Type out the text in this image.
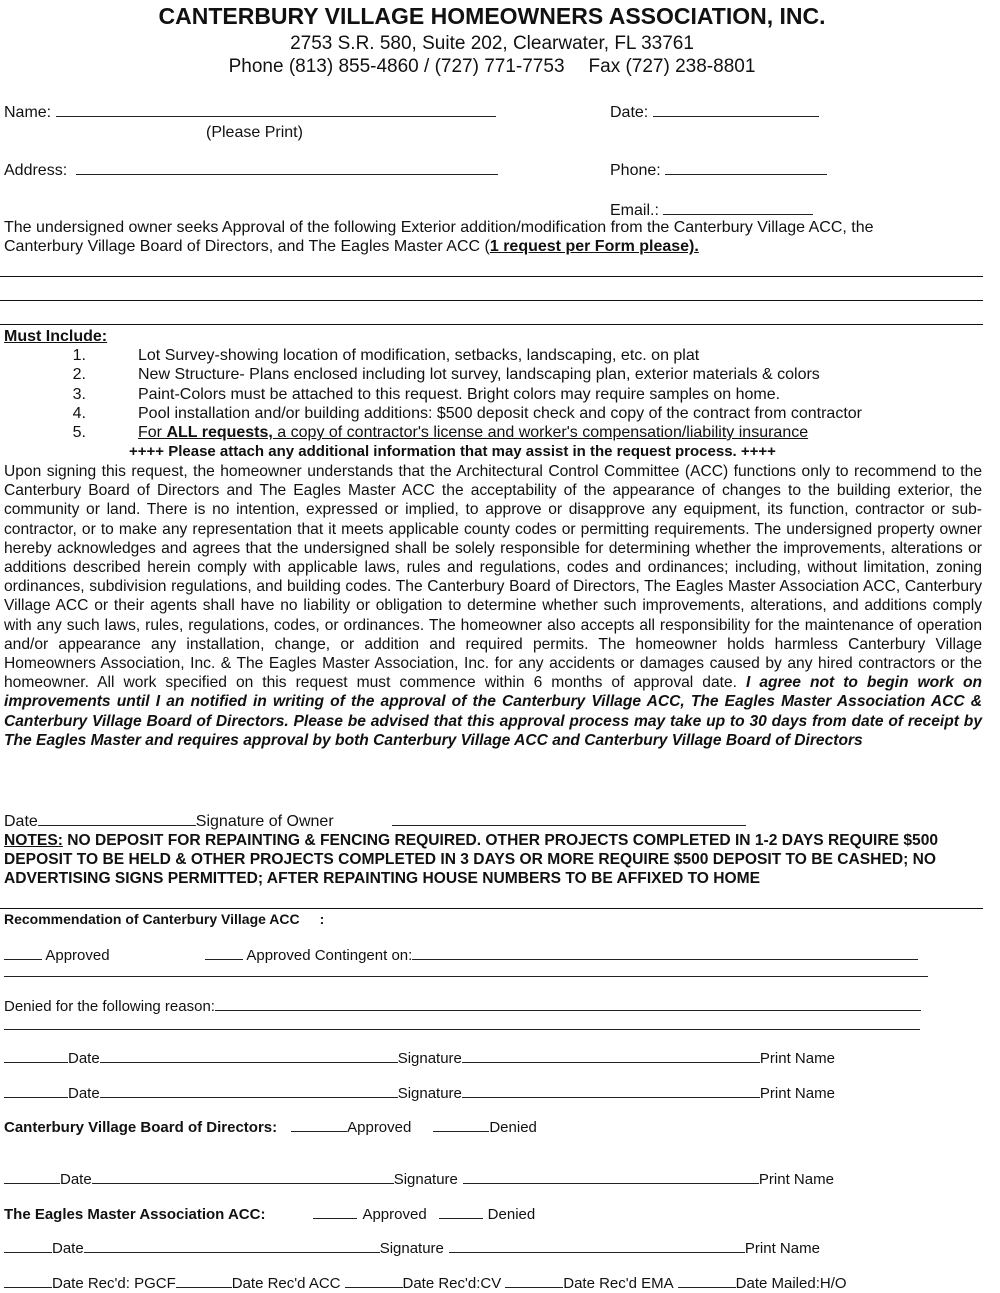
CANTERBURY VILLAGE HOMEOWNERS ASSOCIATION, INC.
2753 S.R. 580, Suite 202, Clearwater, FL 33761
Phone (813) 855-4860 / (727) 771-7753 Fax (727) 238-8801
Name:
(Please Print)
Date:
Address:	Phone:
Email.:
The undersigned owner seeks Approval of the following Exterior addition/modification from the Canterbury Village ACC, the
Canterbury Village Board of Directors, and The Eagles Master ACC (1 request per Form please).
Must Include:
1.	Lot Survey-showing location of modification, setbacks, landscaping, etc. on plat
2.	New Structure- Plans enclosed including lot survey, landscaping plan, exterior materials & colors
3.	Paint-Colors must be attached to this request. Bright colors may require samples on home.
4.	Pool installation and/or building additions: $500 deposit check and copy of the contract from contractor
5.	For ALL requests, a copy of contractor's license and worker's compensation/liability insurance
++++ Please attach any additional information that may assist in the request process. ++++
Upon signing this request, the homeowner understands that the Architectural Control Committee (ACC) functions only to recommend to the Canterbury Board of Directors and The Eagles Master ACC the acceptability of the appearance of changes to the building exterior, the community or land. There is no intention, expressed or implied, to approve or disapprove any equipment, its function, contractor or sub-contractor, or to make any representation that it meets applicable county codes or permitting requirements. The undersigned property owner hereby acknowledges and agrees that the undersigned shall be solely responsible for determining whether the improvements, alterations or additions described herein comply with applicable laws, rules and regulations, codes and ordinances; including, without limitation, zoning ordinances, subdivision regulations, and building codes. The Canterbury Board of Directors, The Eagles Master Association ACC, Canterbury Village ACC or their agents shall have no liability or obligation to determine whether such improvements, alterations, and additions comply with any such laws, rules, regulations, codes, or ordinances. The homeowner also accepts all responsibility for the maintenance of operation and/or appearance any installation, change, or addition and required permits. The homeowner holds harmless Canterbury Village Homeowners Association, Inc. & The Eagles Master Association, Inc. for any accidents or damages caused by any hired contractors or the homeowner. All work specified on this request must commence within 6 months of approval date. I agree not to begin work on improvements until I an notified in writing of the approval of the Canterbury Village ACC, The Eagles Master Association ACC & Canterbury Village Board of Directors. Please be advised that this approval process may take up to 30 days from date of receipt by The Eagles Master and requires approval by both Canterbury Village ACC and Canterbury Village Board of Directors
Date	Signature of Owner
NOTES: NO DEPOSIT FOR REPAINTING & FENCING REQUIRED. OTHER PROJECTS COMPLETED IN 1-2 DAYS REQUIRE $500 DEPOSIT TO BE HELD & OTHER PROJECTS COMPLETED IN 3 DAYS OR MORE REQUIRE $500 DEPOSIT TO BE CASHED; NO ADVERTISING SIGNS PERMITTED; AFTER REPAINTING HOUSE NUMBERS TO BE AFFIXED TO HOME
Recommendation of Canterbury Village ACC :
Approved	Approved Contingent on:
Denied for the following reason:
Date	Signature	Print Name
Date	Signature	Print Name
Canterbury Village Board of Directors:	Approved	Denied
Date	Signature	Print Name
The Eagles Master Association ACC:	Approved	Denied
Date	Signature	Print Name
Date Rec'd: PGCF	Date Rec'd ACC	Date Rec'd:CV	Date Rec'd EMA	Date Mailed:H/O
